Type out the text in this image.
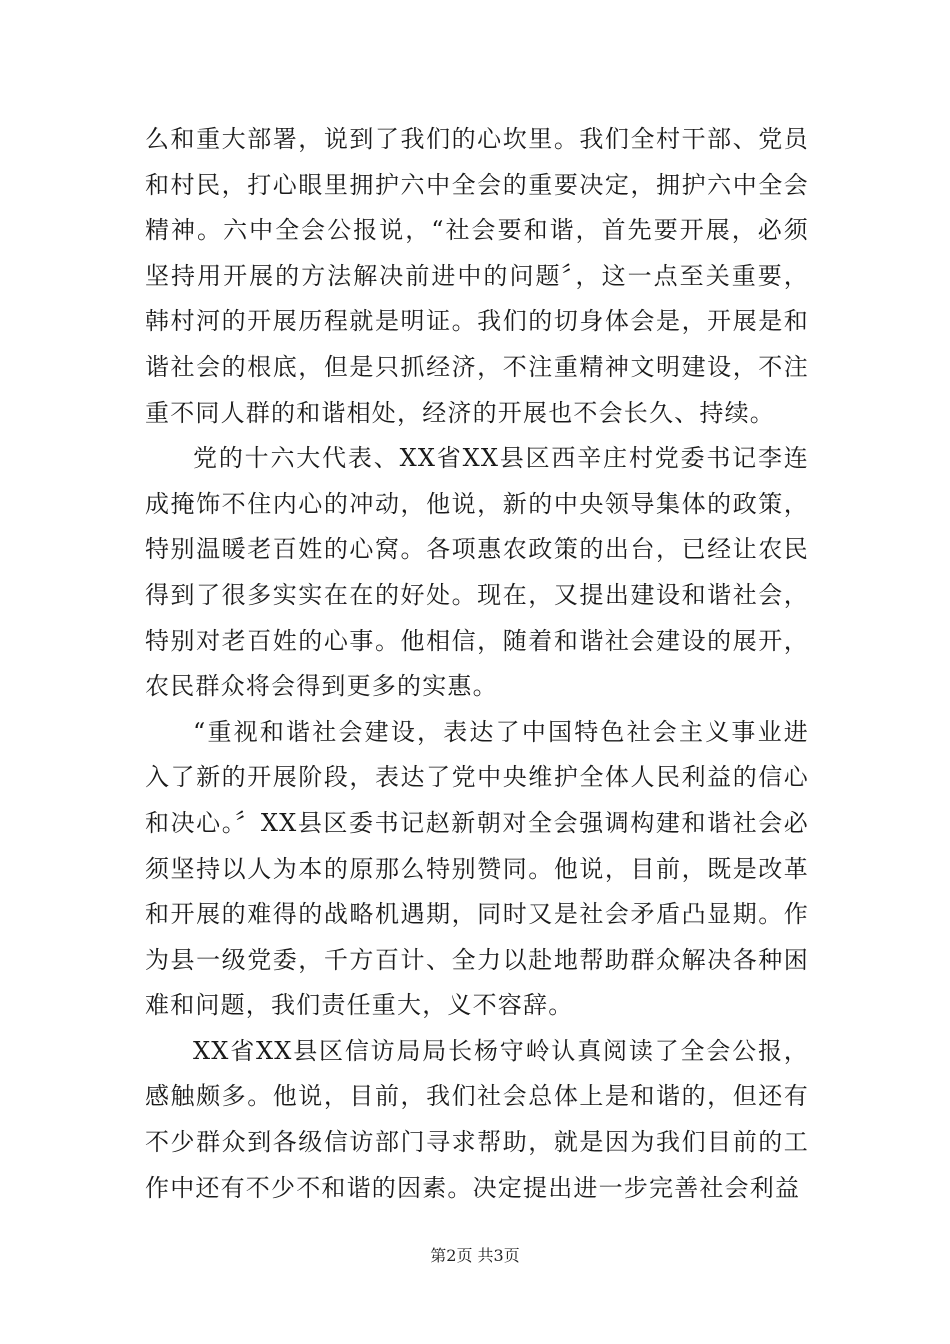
么和重大部署，说到了我们的心坎里。我们全村干部、党员和村民，打心眼里拥护六中全会的重要决定，拥护六中全会精神。六中全会公报说，“社会要和谐，首先要开展，必须坚持用开展的方法解决前进中的问题〞，这一点至关重要，韩村河的开展历程就是明证。我们的切身体会是，开展是和谐社会的根底，但是只抓经济，不注重精神文明建设，不注重不同人群的和谐相处，经济的开展也不会长久、持续。

党的十六大代表、XX省XX县区西辛庄村党委书记李连成掩饰不住内心的冲动，他说，新的中央领导集体的政策，特别温暖老百姓的心窝。各项惠农政策的出台，已经让农民得到了很多实实在在的好处。现在，又提出建设和谐社会，特别对老百姓的心事。他相信，随着和谐社会建设的展开，农民群众将会得到更多的实惠。

“重视和谐社会建设，表达了中国特色社会主义事业进入了新的开展阶段，表达了党中央维护全体人民利益的信心和决心。〞XX县区委书记赵新朝对全会强调构建和谐社会必须坚持以人为本的原那么特别赞同。他说，目前，既是改革和开展的难得的战略机遇期，同时又是社会矛盾凸显期。作为县一级党委，千方百计、全力以赴地帮助群众解决各种困难和问题，我们责任重大，义不容辞。

XX省XX县区信访局局长杨守岭认真阅读了全会公报，感触颇多。他说，目前，我们社会总体上是和谐的，但还有不少群众到各级信访部门寻求帮助，就是因为我们目前的工作中还有不少不和谐的因素。决定提出进一步完善社会利益

第2页 共3页
